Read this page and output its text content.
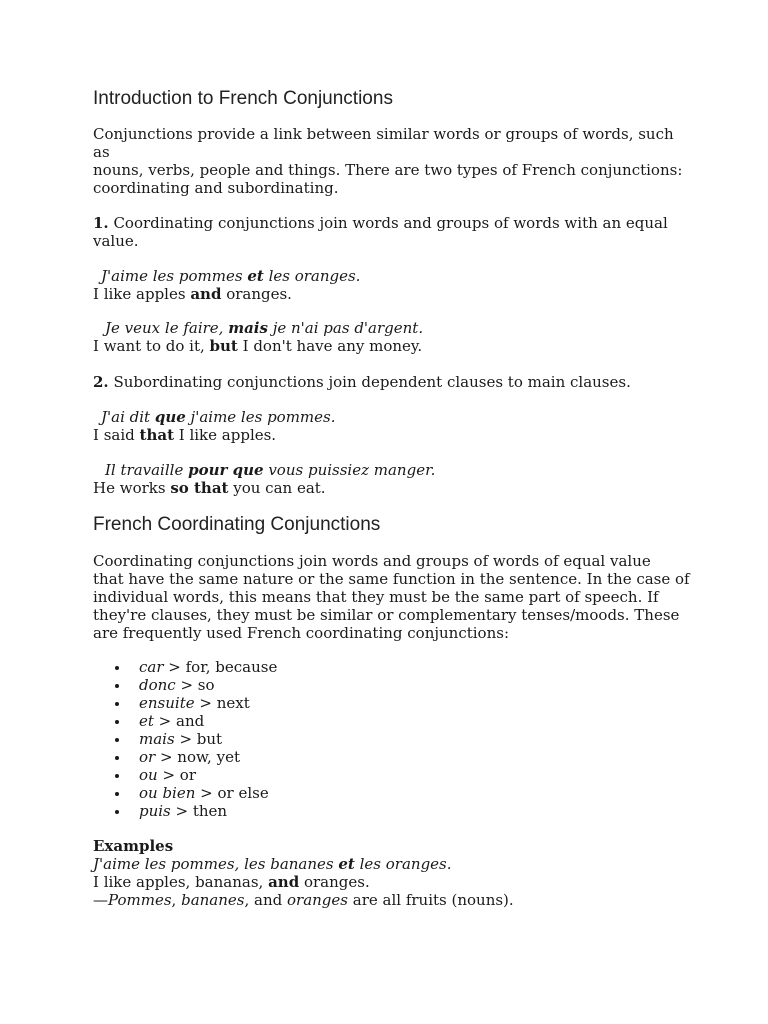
Introduction to French Conjunctions

Conjunctions provide a link between similar words or groups of words, such as

nouns, verbs, people and things. There are two types of French conjunctions:

coordinating and subordinating.

1. Coordinating conjunctions join words and groups of words with an equal

value.

J'aime les pommes et les oranges.

I like apples and oranges.

Je veux le faire, mais je n'ai pas d'argent.

I want to do it, but I don't have any money.

2. Subordinating conjunctions join dependent clauses to main clauses.

J'ai dit que j'aime les pommes.

I said that I like apples.

Il travaille pour que vous puissiez manger.

He works so that you can eat.

French Coordinating Conjunctions

Coordinating conjunctions join words and groups of words of equal value

that have the same nature or the same function in the sentence. In the case of

individual words, this means that they must be the same part of speech. If

they're clauses, they must be similar or complementary tenses/moods. These

are frequently used French coordinating conjunctions:

car > for, because
donc > so
ensuite > next
et > and
mais > but
or > now, yet
ou > or
ou bien > or else
puis > then

Examples

J'aime les pommes, les bananes et les oranges.

I like apples, bananas, and oranges.

—Pommes, bananes, and oranges are all fruits (nouns).
